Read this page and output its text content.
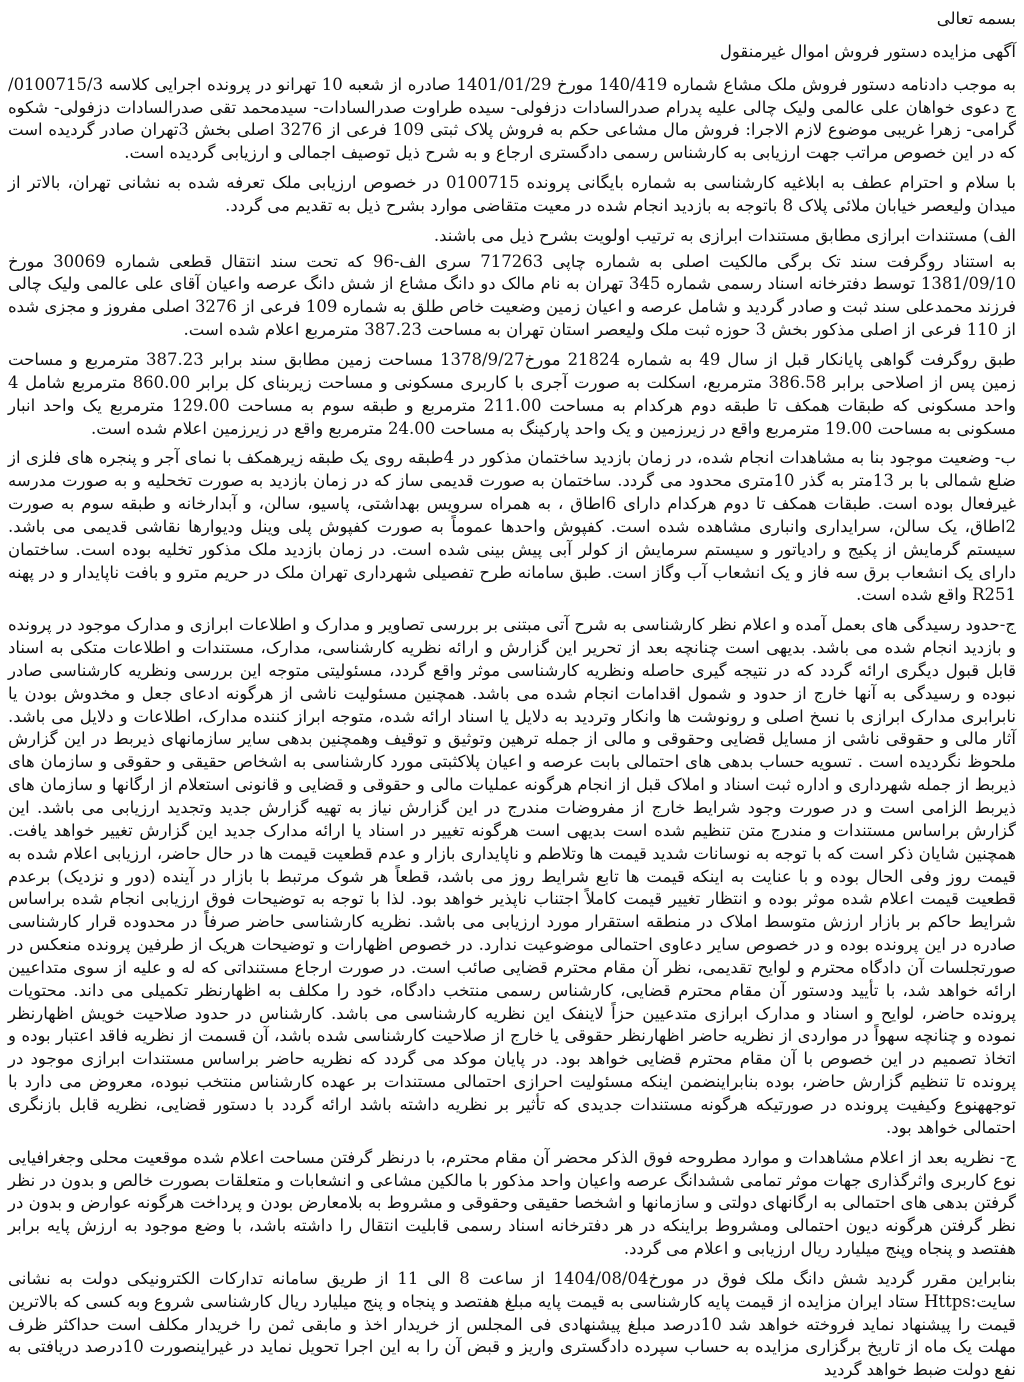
بسمه تعالی
آگهی مزایده دستور فروش اموال غیرمنقول

به موجب دادنامه دستور فروش ملک مشاع شماره 140/419 مورخ 1401/01/29 صادره از شعبه 10 تهرانو در پرونده اجرایی کلاسه 0100715/3/ج دعوی خواهان علی عالمی ولیک چالی علیه پدرام صدرالسادات دزفولی- سیده طراوت صدرالسادات- سیدمحمد تقی صدرالسادات دزفولی- شکوه گرامی- زهرا غریبی موضوع لازم الاجرا: فروش مال مشاعی حکم به فروش پلاک ثبتی 109 فرعی از 3276 اصلی بخش 3تهران صادر گردیده است که در این خصوص مراتب جهت ارزیابی به کارشناس رسمی دادگستری ارجاع و به شرح ذیل توصیف اجمالی و ارزیابی گردیده است.

با سلام و احترام عطف به ابلاغیه کارشناسی به شماره بایگانی پرونده 0100715 در خصوص ارزیابی ملک تعرفه شده به نشانی تهران، بالاتر از میدان ولیعصر خیابان ملائی پلاک 8 باتوجه به بازدید انجام شده در معیت متقاضی موارد بشرح ذیل به تقدیم می گردد.

الف) مستندات ابرازی مطابق مستندات ابرازی به ترتیب اولویت بشرح ذیل می باشند.

به استناد روگرفت سند تک برگی مالکیت اصلی به شماره چاپی 717263 سری الف-96 که تحت سند انتقال قطعی شماره 30069 مورخ 1381/09/10 توسط دفترخانه اسناد رسمی شماره 345 تهران به نام مالک دو دانگ مشاع از شش دانگ عرصه واعیان آقای علی عالمی ولیک چالی فرزند محمدعلی سند ثبت و صادر گردید و شامل عرصه و اعیان زمین وضعیت خاص طلق به شماره 109 فرعی از 3276 اصلی مفروز و مجزی شده از 110 فرعی از اصلی مذکور بخش 3 حوزه ثبت ملک ولیعصر استان تهران به مساحت 387.23 مترمربع اعلام شده است.

طبق روگرفت گواهی پایانکار قبل از سال 49 به شماره 21824 مورخ1378/9/27 مساحت زمین مطابق سند برابر 387.23 مترمربع و مساحت زمین پس از اصلاحی برابر 386.58 مترمربع، اسکلت به صورت آجری با کاربری مسکونی و مساحت زیربنای کل برابر 860.00 مترمربع شامل 4 واحد مسکونی که طبقات همکف تا طبقه دوم هرکدام به مساحت 211.00 مترمربع و طبقه سوم به مساحت 129.00 مترمربع یک واحد انبار مسکونی به مساحت 19.00 مترمربع واقع در زیرزمین و یک واحد پارکینگ به مساحت 24.00 مترمربع واقع در زیرزمین اعلام شده است.

ب- وضعیت موجود بنا به مشاهدات انجام شده، در زمان بازدید ساختمان مذکور در 4طبقه روی یک طبقه زیرهمکف با نمای آجر و پنجره های فلزی از ضلع شمالی با بر 13متر به گذر 10متری محدود می گردد. ساختمان به صورت قدیمی ساز که در زمان بازدید به صورت تخحلیه و به صورت مدرسه غیرفعال بوده است. طبقات همکف تا دوم هرکدام دارای 6اطاق ، به همراه سرویس بهداشتی، پاسیو، سالن، و آبدارخانه و طبقه سوم به صورت 2اطاق، یک سالن، سرایداری وانباری مشاهده شده است. کفپوش واحدها عموماً به صورت کفپوش پلی وینل ودیوارها نقاشی قدیمی می باشد. سیستم گرمایش از پکیج و رادیاتور و سیستم سرمایش از کولر آبی پیش بینی شده است. در زمان بازدید ملک مذکور تخلیه بوده است. ساختمان دارای یک انشعاب برق سه فاز و یک انشعاب آب وگاز است. طبق سامانه طرح تفصیلی شهرداری تهران ملک در حریم مترو و بافت ناپایدار و در پهنه R251 واقع شده است.

ج-حدود رسیدگی های بعمل آمده و اعلام نظر کارشناسی به شرح آتی مبتنی بر بررسی تصاویر و مدارک و اطلاعات ابرازی و مدارک موجود در پرونده و بازدید انجام شده می باشد. بدیهی است چنانچه بعد از تحریر این گزارش و ارائه نظریه کارشناسی، مدارک، مستندات و اطلاعات متکی به اسناد قابل قبول دیگری ارائه گردد که در نتیجه گیری حاصله ونظریه کارشناسی موثر واقع گردد، مسئولیتی متوجه این بررسی ونظریه کارشناسی صادر نبوده و رسیدگی به آنها خارج از حدود و شمول اقدامات انجام شده می باشد. همچنین مسئولیت ناشی از هرگونه ادعای جعل و مخدوش بودن یا نابرابری مدارک ابرازی با نسخ اصلی و رونوشت ها وانکار وتردید به دلایل یا اسناد ارائه شده، متوجه ابراز کننده مدارک، اطلاعات و دلایل می باشد. آثار مالی و حقوقی ناشی از مسایل قضایی وحقوقی و مالی از جمله ترهین وتوثیق و توقیف وهمچنین بدهی سایر سازمانهای ذیربط در این گزارش ملحوظ نگردیده است . تسویه حساب بدهی های احتمالی بابت عرصه و اعیان پلاکثبتی مورد کارشناسی به اشخاص حقیقی و حقوقی و سازمان های ذیربط از جمله شهرداری و اداره ثبت اسناد و املاک قبل از انجام هرگونه عملیات مالی و حقوقی و قضایی و قانونی استعلام از ارگانها و سازمان های ذیربط الزامی است و در صورت وجود شرایط خارج از مفروضات مندرج در این گزارش نیاز به تهیه گزارش جدید وتجدید ارزیابی می باشد. این گزارش براساس مستندات و مندرج متن تنظیم شده است بدیهی است هرگونه تغییر در اسناد یا ارائه مدارک جدید این گزارش تغییر خواهد یافت. همچنین شایان ذکر است که با توجه به نوسانات شدید قیمت ها وتلاطم و ناپایداری بازار و عدم قطعیت قیمت ها در حال حاضر، ارزیابی اعلام شده به قیمت روز وفی الحال بوده و با عنایت به اینکه قیمت ها تابع شرایط روز می باشد، قطعاً هر شوک مرتبط با بازار در آینده (دور و نزدیک) برعدم قطعیت قیمت اعلام شده موثر بوده و انتظار تغییر قیمت کاملاً اجتناب ناپذیر خواهد بود. لذا با توجه به توضیحات فوق ارزیابی انجام شده براساس شرایط حاکم بر بازار ارزش متوسط املاک در منطقه استقرار مورد ارزیابی می باشد. نظریه کارشناسی حاضر صرفاً در محدوده قرار کارشناسی صادره در این پرونده بوده و در خصوص سایر دعاوی احتمالی موضوعیت ندارد. در خصوص اظهارات و توضیحات هریک از طرفین پرونده منعکس در صورتجلسات آن دادگاه محترم و لوایح تقدیمی، نظر آن مقام محترم قضایی صائب است. در صورت ارجاع مستنداتی که له و علیه از سوی متداعیین ارائه خواهد شد، با تأیید ودستور آن مقام محترم قضایی، کارشناس رسمی منتخب دادگاه، خود را مکلف به اظهارنظر تکمیلی می داند. محتویات پرونده حاضر، لوایح و اسناد و مدارک ابرازی متدعیین حزاً لاینفک این نظریه کارشناسی می باشد. کارشناس در حدود صلاحیت خویش اظهارنظر نموده و چنانچه سهواً در مواردی از نظریه حاضر اظهارنظر حقوقی یا خارج از صلاحیت کارشناسی شده باشد، آن قسمت از نظریه فاقد اعتبار بوده و اتخاذ تصمیم در این خصوص با آن مقام محترم قضایی خواهد بود. در پایان موکد می گردد که نظریه حاضر براساس مستندات ابرازی موجود در پرونده تا تنظیم گزارش حاضر، بوده بنابراینضمن اینکه مسئولیت احرازی احتمالی مستندات بر عهده کارشناس منتخب نبوده، معروض می دارد با توجههنوع وکیفیت پرونده در صورتیکه هرگونه مستندات جدیدی که تأثیر بر نظریه داشته باشد ارائه گردد با دستور قضایی، نظریه قابل بازنگری احتمالی خواهد بود.

ج- نظریه بعد از اعلام مشاهدات و موارد مطروحه فوق الذکر محضر آن مقام محترم، با درنظر گرفتن مساحت اعلام شده موقعیت محلی وجغرافیایی نوع کاربری واثرگذاری جهات موثر تمامی ششدانگ عرصه واعیان واحد مذکور با مالکین مشاعی و انشعابات و متعلقات بصورت خالص و بدون در نظر گرفتن بدهی های احتمالی به ارگانهای دولتی و سازمانها و اشخصا حقیقی وحقوقی و مشروط به بلامعارض بودن و پرداخت هرگونه عوارض و بدون در نظر گرفتن هرگونه دیون احتمالی ومشروط براینکه در هر دفترخانه اسناد رسمی قابلیت انتقال را داشته باشد، با وضع موجود به ارزش پایه برابر هفتصد و پنجاه وپنج میلیارد ریال ارزیابی و اعلام می گردد.

بنابراین مقرر گردید شش دانگ ملک فوق در مورخ1404/08/04 از ساعت 8 الی 11 از طریق سامانه تدارکات الکترونیکی دولت به نشانی سایت:Https ستاد ایران مزایده از قیمت پایه کارشناسی به قیمت پایه مبلغ هفتصد و پنجاه و پنج میلیارد ریال کارشناسی شروع وبه کسی که بالاترین قیمت را پیشنهاد نماید فروخته خواهد شد 10درصد مبلغ پیشنهادی فی المجلس از خریدار اخذ و مابقی ثمن را خریدار مکلف است حداکثر ظرف مهلت یک ماه از تاریخ برگزاری مزایده به حساب سپرده دادگستری واریز و قبض آن را به این اجرا تحویل نماید در غیراینصورت 10درصد دریافتی به نفع دولت ضبط خواهد گردید
